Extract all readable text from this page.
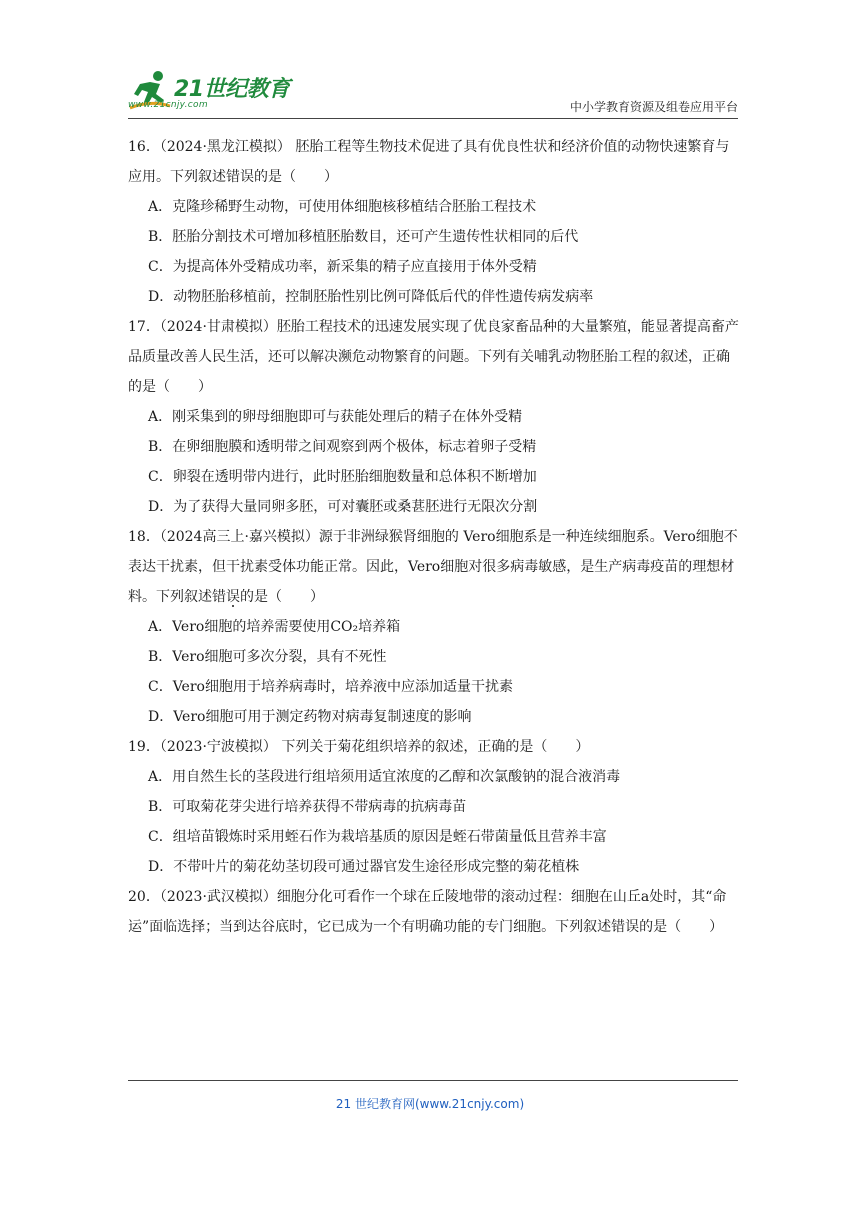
21世纪教育
www.21cnjy.com	中小学教育资源及组卷应用平台

16．（2024·黑龙江模拟） 胚胎工程等生物技术促进了具有优良性状和经济价值的动物快速繁育与应用。下列叙述错误的是（　　）

A．克隆珍稀野生动物，可使用体细胞核移植结合胚胎工程技术

B．胚胎分割技术可增加移植胚胎数目，还可产生遗传性状相同的后代

C．为提高体外受精成功率，新采集的精子应直接用于体外受精

D．动物胚胎移植前，控制胚胎性别比例可降低后代的伴性遗传病发病率

17．（2024·甘肃模拟）胚胎工程技术的迅速发展实现了优良家畜品种的大量繁殖，能显著提高畜产品质量改善人民生活，还可以解决濒危动物繁育的问题。下列有关哺乳动物胚胎工程的叙述，正确的是（　　）

A．刚采集到的卵母细胞即可与获能处理后的精子在体外受精

B．在卵细胞膜和透明带之间观察到两个极体，标志着卵子受精

C．卵裂在透明带内进行，此时胚胎细胞数量和总体积不断增加

D．为了获得大量同卵多胚，可对囊胚或桑葚胚进行无限次分割

18．（2024高三上·嘉兴模拟）源于非洲绿猴肾细胞的 Vero细胞系是一种连续细胞系。Vero细胞不表达干扰素，但干扰素受体功能正常。因此，Vero细胞对很多病毒敏感，是生产病毒疫苗的理想材料。下列叙述错误的是（　　）

A．Vero细胞的培养需要使用CO₂培养箱

B．Vero细胞可多次分裂，具有不死性

C．Vero细胞用于培养病毒时，培养液中应添加适量干扰素

D．Vero细胞可用于测定药物对病毒复制速度的影响

19．（2023·宁波模拟） 下列关于菊花组织培养的叙述，正确的是（　　）

A．用自然生长的茎段进行组培须用适宜浓度的乙醇和次氯酸钠的混合液消毒

B．可取菊花芽尖进行培养获得不带病毒的抗病毒苗

C．组培苗锻炼时采用蛭石作为栽培基质的原因是蛭石带菌量低且营养丰富

D．不带叶片的菊花幼茎切段可通过器官发生途径形成完整的菊花植株

20．（2023·武汉模拟）细胞分化可看作一个球在丘陵地带的滚动过程：细胞在山丘a处时，其“命运”面临选择；当到达谷底时，它已成为一个有明确功能的专门细胞。下列叙述错误的是（　　）

21 世纪教育网(www.21cnjy.com)
